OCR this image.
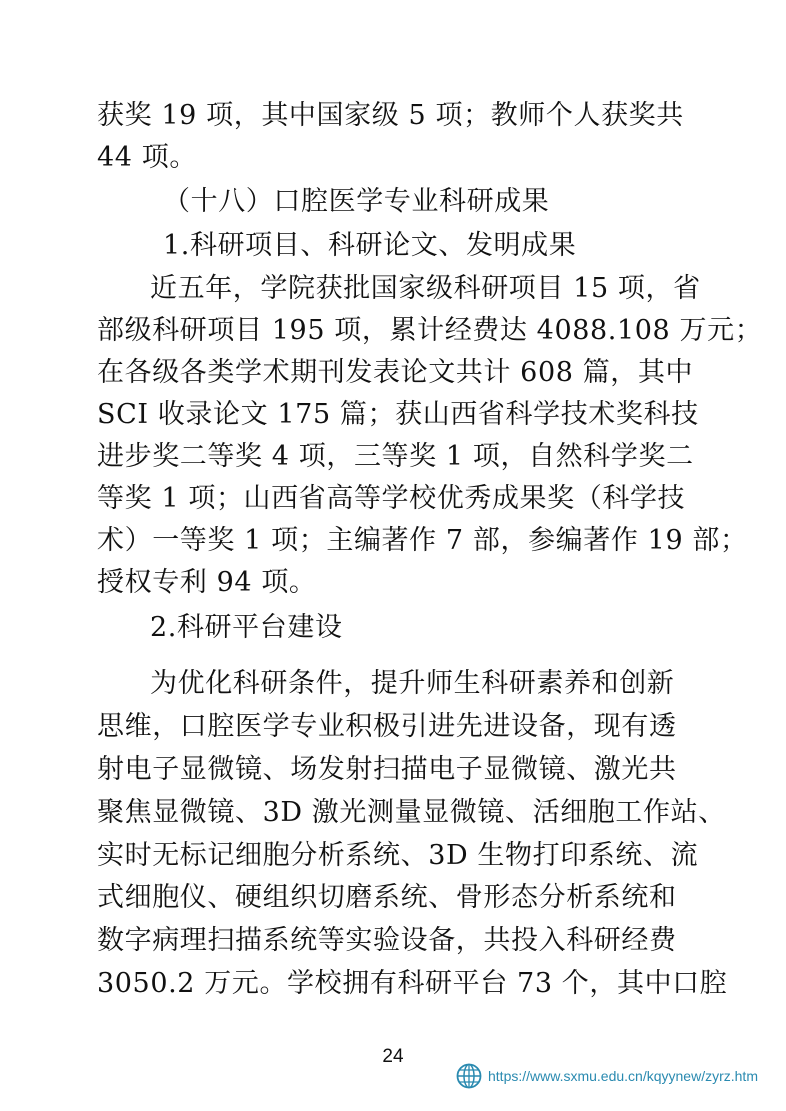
获奖 19 项，其中国家级 5 项；教师个人获奖共
44 项。
（十八）口腔医学专业科研成果
1.科研项目、科研论文、发明成果
近五年，学院获批国家级科研项目 15 项，省
部级科研项目 195 项，累计经费达 4088.108 万元；
在各级各类学术期刊发表论文共计 608 篇，其中
SCI 收录论文 175 篇；获山西省科学技术奖科技
进步奖二等奖 4 项，三等奖 1 项，自然科学奖二
等奖 1 项；山西省高等学校优秀成果奖（科学技
术）一等奖 1 项；主编著作 7 部，参编著作 19 部；
授权专利 94 项。
2.科研平台建设
为优化科研条件，提升师生科研素养和创新
思维，口腔医学专业积极引进先进设备，现有透
射电子显微镜、场发射扫描电子显微镜、激光共
聚焦显微镜、3D 激光测量显微镜、活细胞工作站、
实时无标记细胞分析系统、3D 生物打印系统、流
式细胞仪、硬组织切磨系统、骨形态分析系统和
数字病理扫描系统等实验设备，共投入科研经费
3050.2 万元。学校拥有科研平台 73 个，其中口腔
24
https://www.sxmu.edu.cn/kqyynew/zyrz.htm
